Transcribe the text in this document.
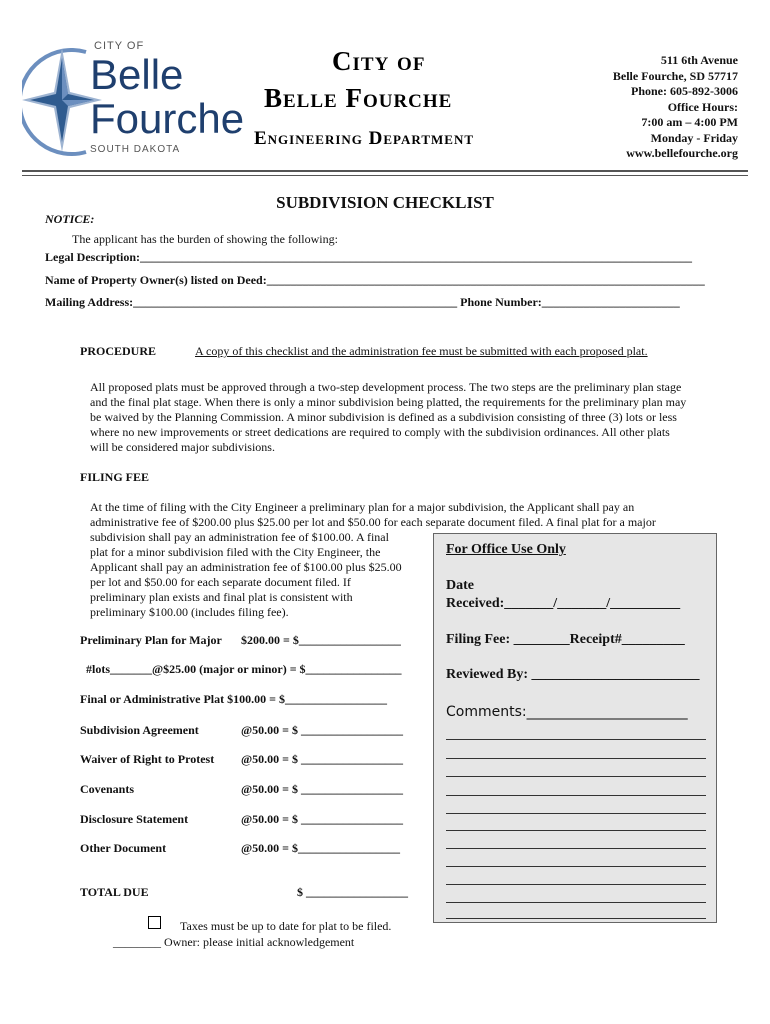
CITY OF
Belle
Fourche
SOUTH DAKOTA
City of
Belle Fourche
Engineering Department
511 6th Avenue
Belle Fourche, SD 57717
Phone: 605-892-3006
Office Hours:
7:00 am – 4:00 PM
Monday - Friday
www.bellefourche.org
SUBDIVISION CHECKLIST
NOTICE:
The applicant has the burden of showing the following:
Legal Description:____________________________________________________________________________________________
Name of Property Owner(s) listed on Deed:_________________________________________________________________________
Mailing Address:______________________________________________________ Phone Number:_______________________
PROCEDURE	A copy of this checklist and the administration fee must be submitted with each proposed plat.
All proposed plats must be approved through a two-step development process. The two steps are the preliminary plan stage
and the final plat stage. When there is only a minor subdivision being platted, the requirements for the preliminary plan may
be waived by the Planning Commission. A minor subdivision is defined as a subdivision consisting of three (3) lots or less
where no new improvements or street dedications are required to comply with the subdivision ordinances. All other plats
will be considered major subdivisions.
FILING FEE
At the time of filing with the City Engineer a preliminary plan for a major subdivision, the Applicant shall pay an
administrative fee of $200.00 plus $25.00 per lot and $50.00 for each separate document filed. A final plat for a major
subdivision shall pay an administration fee of $100.00. A final
plat for a minor subdivision filed with the City Engineer, the
Applicant shall pay an administration fee of $100.00 plus $25.00
per lot and $50.00 for each separate document filed. If
preliminary plan exists and final plat is consistent with
preliminary $100.00 (includes filing fee).
Preliminary Plan for Major $200.00 = $_________________
#lots_______@$25.00 (major or minor) = $________________
Final or Administrative Plat $100.00 = $_________________
Subdivision Agreement	@50.00 = $ _________________
Waiver of Right to Protest @50.00 = $ _________________
Covenants	@50.00 = $ _________________
Disclosure Statement	@50.00 = $ _________________
Other Document	@50.00 = $_________________
TOTAL DUE	$ _________________
Taxes must be up to date for plat to be filed.
________ Owner: please initial acknowledgement
For Office Use Only
Date
Received:_______/_______/__________
Filing Fee: ________Receipt#_________
Reviewed By: ________________________
Comments:_______________________
